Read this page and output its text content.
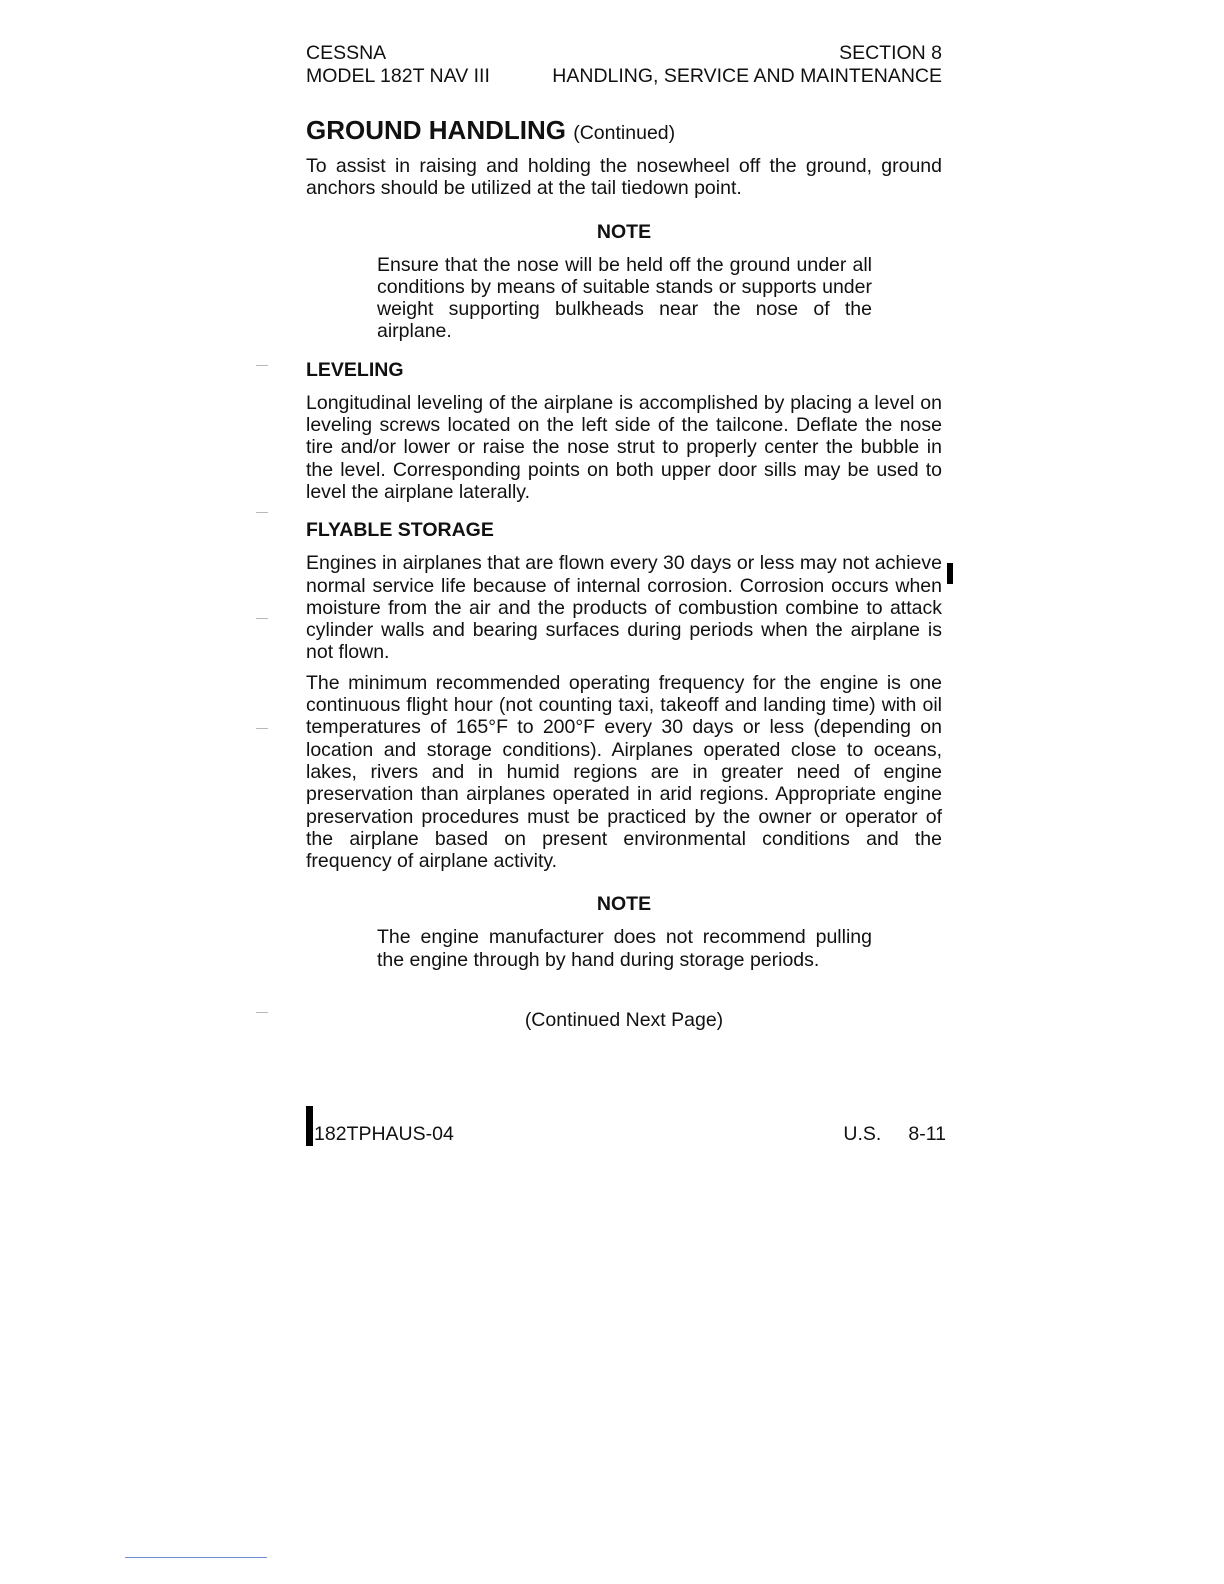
CESSNA	SECTION 8
MODEL 182T NAV III	HANDLING, SERVICE AND MAINTENANCE
GROUND HANDLING (Continued)

To assist in raising and holding the nosewheel off the ground, ground anchors should be utilized at the tail tiedown point.

NOTE

Ensure that the nose will be held off the ground under all conditions by means of suitable stands or supports under weight supporting bulkheads near the nose of the airplane.

LEVELING

Longitudinal leveling of the airplane is accomplished by placing a level on leveling screws located on the left side of the tailcone. Deflate the nose tire and/or lower or raise the nose strut to properly center the bubble in the level. Corresponding points on both upper door sills may be used to level the airplane laterally.

FLYABLE STORAGE

Engines in airplanes that are flown every 30 days or less may not achieve normal service life because of internal corrosion. Corrosion occurs when moisture from the air and the products of combustion combine to attack cylinder walls and bearing surfaces during periods when the airplane is not flown.

The minimum recommended operating frequency for the engine is one continuous flight hour (not counting taxi, takeoff and landing time) with oil temperatures of 165°F to 200°F every 30 days or less (depending on location and storage conditions). Airplanes operated close to oceans, lakes, rivers and in humid regions are in greater need of engine preservation than airplanes operated in arid regions. Appropriate engine preservation procedures must be practiced by the owner or operator of the airplane based on present environmental conditions and the frequency of airplane activity.

NOTE

The engine manufacturer does not recommend pulling the engine through by hand during storage periods.

(Continued Next Page)
182TPHAUS-04	U.S. 8-11
